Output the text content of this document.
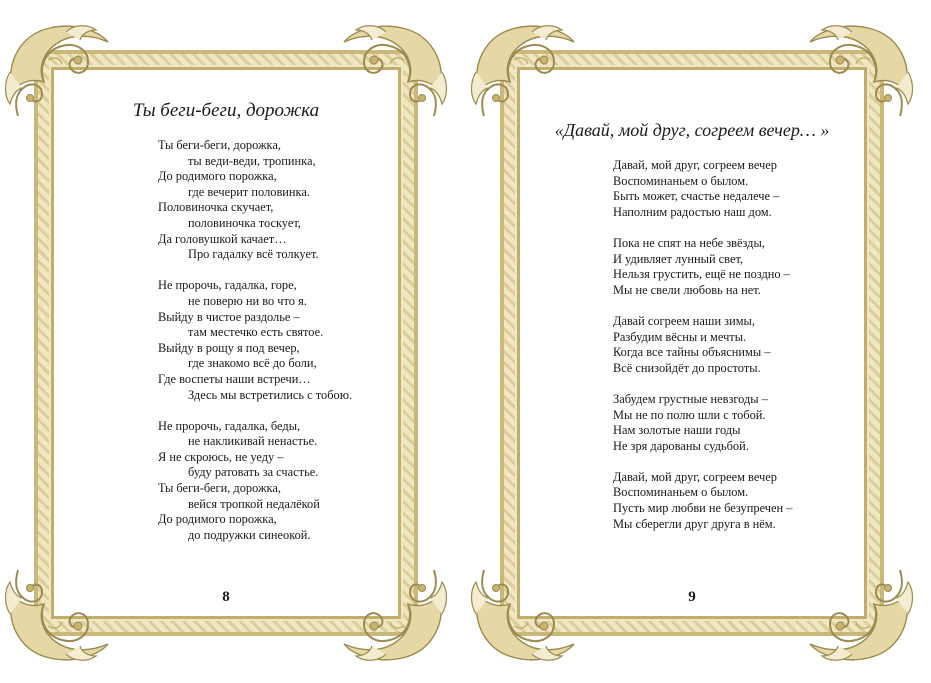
Ты беги-беги, дорожка
Ты беги-беги, дорожка,
ты веди-веди, тропинка,
До родимого порожка,
где вечерит половинка.
Половиночка скучает,
половиночка тоскует,
Да головушкой качает…
Про гадалку всё толкует.
Не пророчь, гадалка, горе,
не поверю ни во что я.
Выйду в чистое раздолье –
там местечко есть святое.
Выйду в рощу я под вечер,
где знакомо всё до боли,
Где воспеты наши встречи…
Здесь мы встретились с тобою.
Не пророчь, гадалка, беды,
не накликивай ненастье.
Я не скроюсь, не уеду –
буду ратовать за счастье.
Ты беги-беги, дорожка,
вейся тропкой недалёкой
До родимого порожка,
до подружки синеокой.
8
«Давай, мой друг, согреем вечер… »
Давай, мой друг, согреем вечер
Воспоминаньем о былом.
Быть может, счастье недалече –
Наполним радостью наш дом.
Пока не спят на небе звёзды,
И удивляет лунный свет,
Нельзя грустить, ещё не поздно –
Мы не свели любовь на нет.
Давай согреем наши зимы,
Разбудим вёсны и мечты.
Когда все тайны объяснимы –
Всё снизойдёт до простоты.
Забудем грустные невзгоды –
Мы не по полю шли с тобой.
Нам золотые наши годы
Не зря дарованы судьбой.
Давай, мой друг, согреем вечер
Воспоминаньем о былом.
Пусть мир любви не безупречен –
Мы сберегли друг друга в нём.
9
